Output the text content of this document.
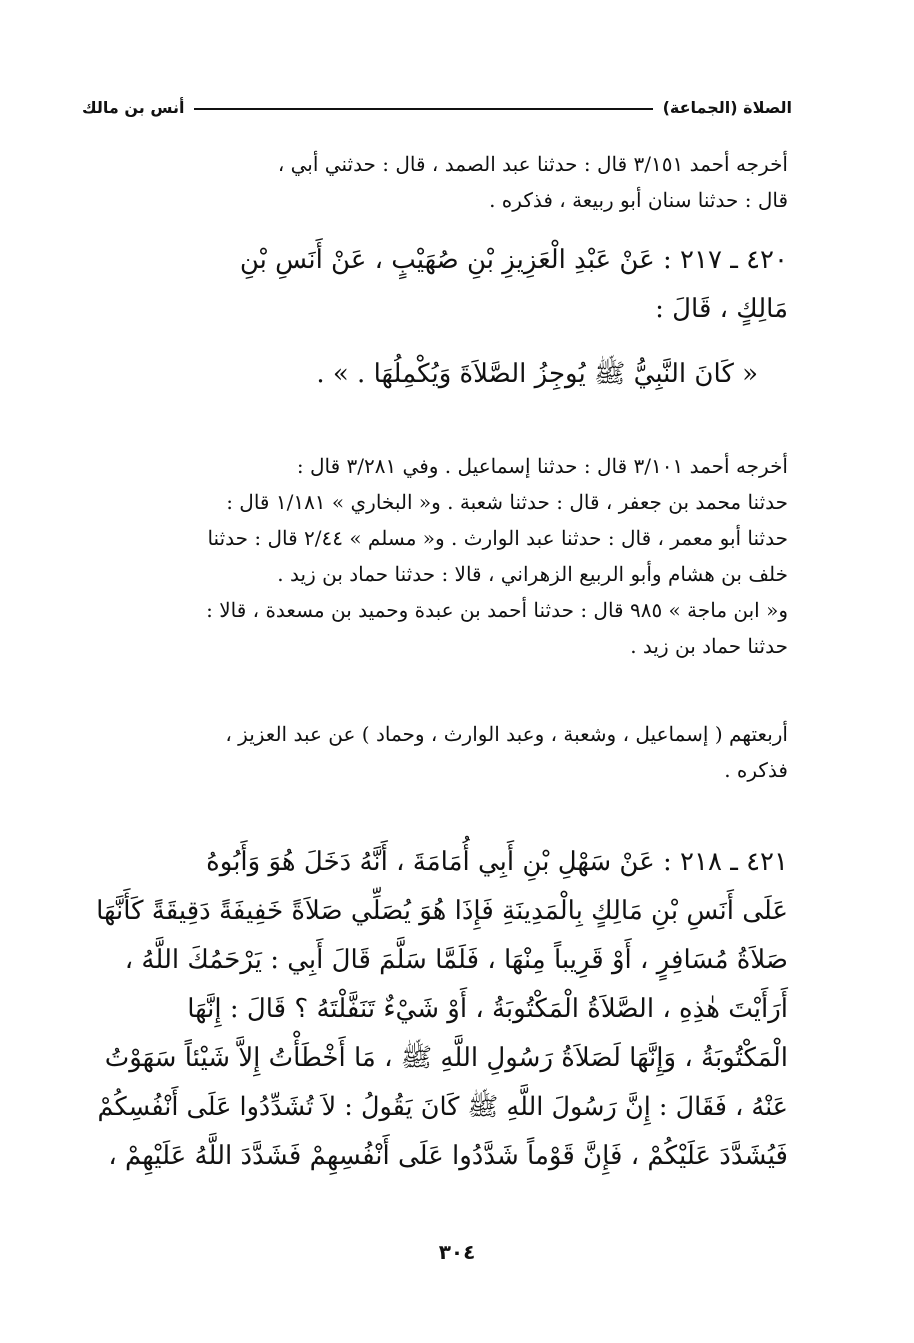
الصلاة (الجماعة)
أنس بن مالك
أخرجه أحمد ٣/١٥١ قال : حدثنا عبد الصمد ، قال : حدثني أبي ،
قال : حدثنا سنان أبو ربيعة ، فذكره .
٤٢٠ ـ ٢١٧ : عَنْ عَبْدِ الْعَزِيزِ بْنِ صُهَيْبٍ ، عَنْ أَنَسِ بْنِ
مَالِكٍ ، قَالَ :
« كَانَ النَّبِيُّ ﷺ يُوجِزُ الصَّلاَةَ وَيُكْمِلُهَا . » .
أخرجه أحمد ٣/١٠١ قال : حدثنا إسماعيل . وفي ٣/٢٨١ قال :
حدثنا محمد بن جعفر ، قال : حدثنا شعبة . و« البخاري » ١/١٨١ قال :
حدثنا أبو معمر ، قال : حدثنا عبد الوارث . و« مسلم » ٢/٤٤ قال : حدثنا
خلف بن هشام وأبو الربيع الزهراني ، قالا : حدثنا حماد بن زيد .
و« ابن ماجة » ٩٨٥ قال : حدثنا أحمد بن عبدة وحميد بن مسعدة ، قالا :
حدثنا حماد بن زيد .
أربعتهم ( إسماعيل ، وشعبة ، وعبد الوارث ، وحماد ) عن عبد العزيز ،
فذكره .
٤٢١ ـ ٢١٨ : عَنْ سَهْلِ بْنِ أَبِي أُمَامَةَ ، أَنَّهُ دَخَلَ هُوَ وَأَبُوهُ
عَلَى أَنَسِ بْنِ مَالِكٍ بِالْمَدِينَةِ فَإِذَا هُوَ يُصَلِّي صَلاَةً خَفِيفَةً دَقِيقَةً كَأَنَّهَا
صَلاَةُ مُسَافِرٍ ، أَوْ قَرِيباً مِنْهَا ، فَلَمَّا سَلَّمَ قَالَ أَبِي : يَرْحَمُكَ اللَّهُ ،
أَرَأَيْتَ هٰذِهِ ، الصَّلاَةُ الْمَكْتُوبَةُ ، أَوْ شَيْءٌ تَنَفَّلْتَهُ ؟ قَالَ : إِنَّهَا
الْمَكْتُوبَةُ ، وَإِنَّهَا لَصَلاَةُ رَسُولِ اللَّهِ ﷺ ، مَا أَخْطَأْتُ إِلاَّ شَيْئاً سَهَوْتُ
عَنْهُ ، فَقَالَ : إِنَّ رَسُولَ اللَّهِ ﷺ كَانَ يَقُولُ : لاَ تُشَدِّدُوا عَلَى أَنْفُسِكُمْ
فَيُشَدَّدَ عَلَيْكُمْ ، فَإِنَّ قَوْماً شَدَّدُوا عَلَى أَنْفُسِهِمْ فَشَدَّدَ اللَّهُ عَلَيْهِمْ ،
٣٠٤
